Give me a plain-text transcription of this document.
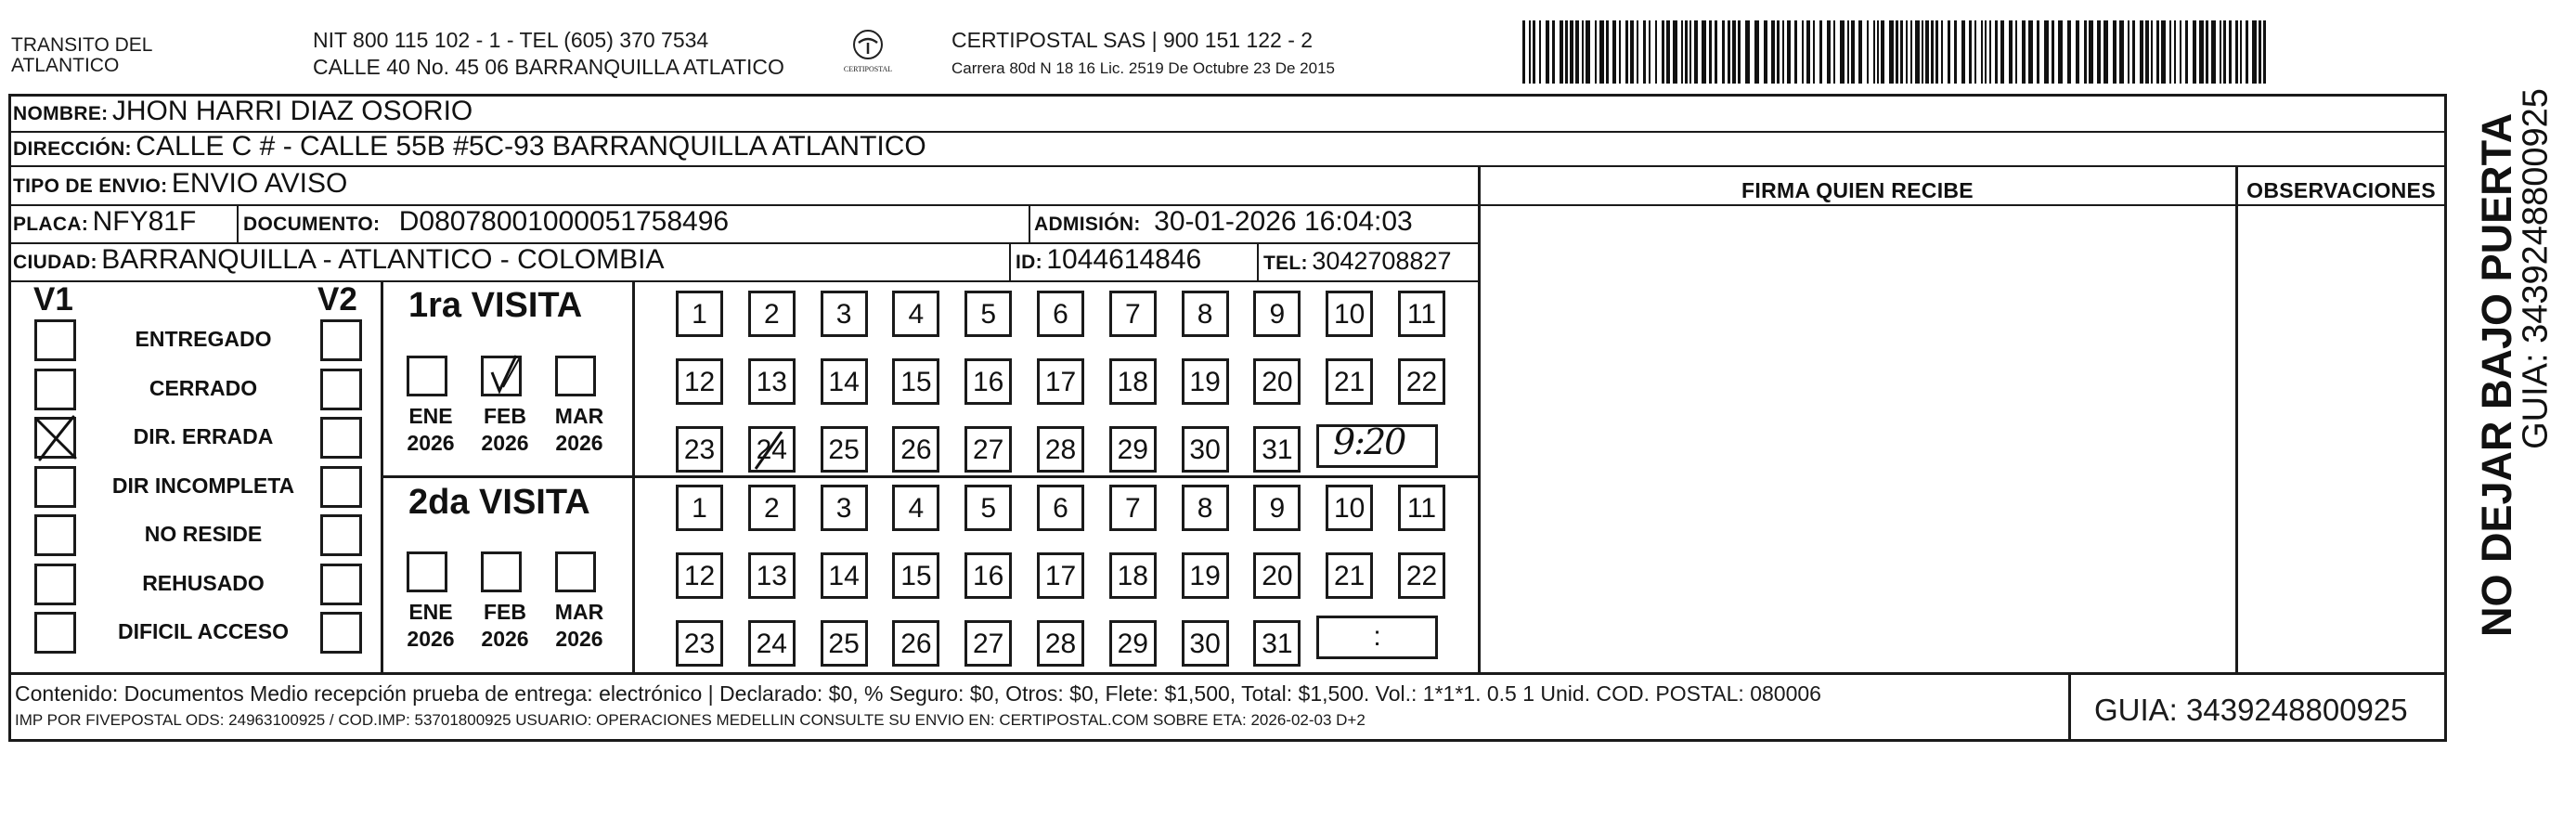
TRANSITO DEL
ATLANTICO
NIT 800 115 102 - 1 - TEL (605) 370 7534
CALLE 40 No. 45 06 BARRANQUILLA ATLATICO	CERTIPOSTAL
CERTIPOSTAL SAS | 900 151 122 - 2
Carrera 80d N 18 16 Lic. 2519 De Octubre 23 De 2015
NOMBRE: JHON HARRI DIAZ OSORIO
DIRECCIÓN: CALLE C # - CALLE 55B #5C-93 BARRANQUILLA ATLANTICO
TIPO DE ENVIO: ENVIO AVISO
PLACA: NFY81F DOCUMENTO: D08078001000051758496	ADMISIÓN: 30-01-2026 16:04:03
CIUDAD: BARRANQUILLA - ATLANTICO - COLOMBIA	ID: 1044614846	TEL: 3042708827
FIRMA QUIEN RECIBE	OBSERVACIONES
V1	V2
ENTREGADO
CERRADO
DIR. ERRADA
DIR INCOMPLETA
NO RESIDE
REHUSADO
DIFICIL ACCESO
1ra VISITA
ENE
2026
FEB
2026
MAR
2026
1	2	3	4	5	6	7	8	9	10	11
12 13 14 15 16 17 18 19 20 21 22
23 24 25 26 27 28 29 30 31 9:20
2da VISITA
ENE
2026
FEB
2026
MAR
2026
1	2	3	4	5	6	7	8	9	10	11
12 13 14 15 16 17 18 19 20 21 22
23 24 25 26 27 28 29 30 31	:
Contenido: Documentos Medio recepción prueba de entrega: electrónico | Declarado: $0, % Seguro: $0, Otros: $0, Flete: $1,500, Total: $1,500. Vol.: 1*1*1. 0.5 1 Unid. COD. POSTAL: 080006
IMP POR FIVEPOSTAL ODS: 24963100925 / COD.IMP: 53701800925 USUARIO: OPERACIONES MEDELLIN CONSULTE SU ENVIO EN: CERTIPOSTAL.COM SOBRE ETA: 2026-02-03 D+2	GUIA: 3439248800925
NO DEJAR BAJO PUERTA
GUIA: 3439248800925
